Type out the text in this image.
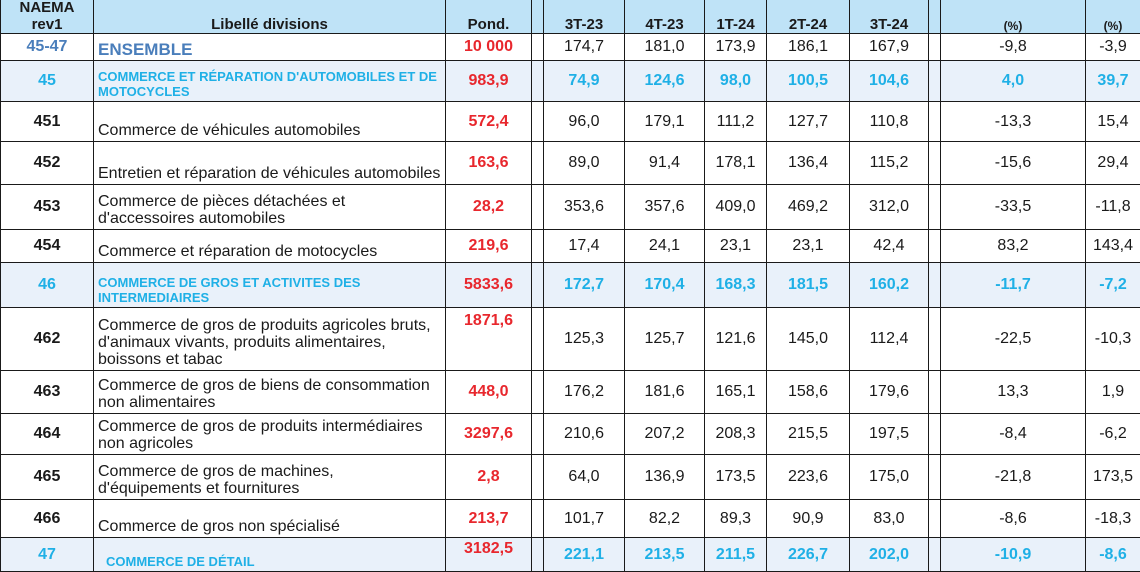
NAEMA rev1	Libellé divisions	Pond.		3T-23	4T-23	1T-24	2T-24	3T-24		(%)	(%)
45-47	ENSEMBLE	10 000		174,7	181,0	173,9	186,1	167,9		-9,8	-3,9
45	COMMERCE ET RÉPARATION D'AUTOMOBILES ET DE MOTOCYCLES	983,9		74,9	124,6	98,0	100,5	104,6		4,0	39,7
451	Commerce de véhicules automobiles	572,4		96,0	179,1	111,2	127,7	110,8		-13,3	15,4
452	Entretien et réparation de véhicules automobiles	163,6		89,0	91,4	178,1	136,4	115,2		-15,6	29,4
453	Commerce de pièces détachées et d'accessoires automobiles	28,2		353,6	357,6	409,0	469,2	312,0		-33,5	-11,8
454	Commerce et réparation de motocycles	219,6		17,4	24,1	23,1	23,1	42,4		83,2	143,4
46	COMMERCE DE GROS ET ACTIVITES DES INTERMEDIAIRES	5833,6		172,7	170,4	168,3	181,5	160,2		-11,7	-7,2
462	Commerce de gros de produits agricoles bruts, d'animaux vivants, produits alimentaires, boissons et tabac	1871,6		125,3	125,7	121,6	145,0	112,4		-22,5	-10,3
463	Commerce de gros de biens de consommation non alimentaires	448,0		176,2	181,6	165,1	158,6	179,6		13,3	1,9
464	Commerce de gros de produits intermédiaires non agricoles	3297,6		210,6	207,2	208,3	215,5	197,5		-8,4	-6,2
465	Commerce de gros de machines, d'équipements et fournitures	2,8		64,0	136,9	173,5	223,6	175,0		-21,8	173,5
466	Commerce de gros non spécialisé	213,7		101,7	82,2	89,3	90,9	83,0		-8,6	-18,3
47	COMMERCE DE DÉTAIL	3182,5		221,1	213,5	211,5	226,7	202,0		-10,9	-8,6
